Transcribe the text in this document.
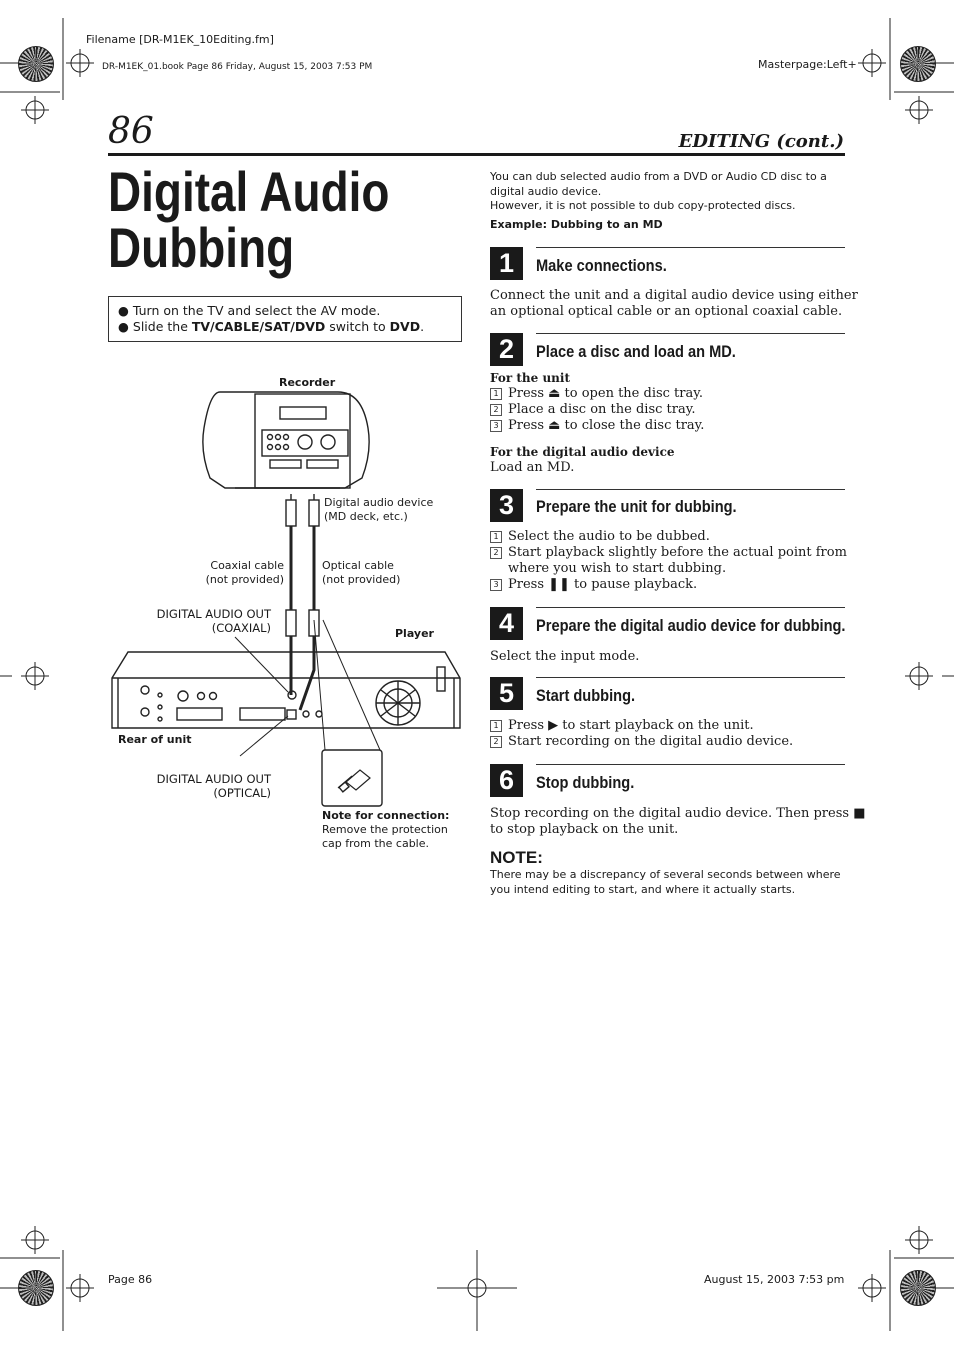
Filename [DR-M1EK_10Editing.fm]
DR-M1EK_01.book Page 86 Friday, August 15, 2003 7:53 PM	Masterpage:Left+
86	EDITING (cont.)
Digital Audio
Dubbing
● Turn on the TV and select the AV mode.
● Slide the TV/CABLE/SAT/DVD switch to DVD.
Recorder
Digital audio device
(MD deck, etc.)
Coaxial cable
(not provided)
Optical cable
(not provided)
DIGITAL AUDIO OUT
(COAXIAL)	Player
Rear of unit
DIGITAL AUDIO OUT
(OPTICAL)
Note for connection:
Remove the protection
cap from the cable.
You can dub selected audio from a DVD or Audio CD disc to a
digital audio device.
However, it is not possible to dub copy-protected discs.
Example: Dubbing to an MD
1	Make connections.
Connect the unit and a digital audio device using either
an optional optical cable or an optional coaxial cable.
2	Place a disc and load an MD.
For the unit
1 Press ⏏ to open the disc tray.
2 Place a disc on the disc tray.
3 Press ⏏ to close the disc tray.
For the digital audio device
Load an MD.
3	Prepare the unit for dubbing.
1 Select the audio to be dubbed.
2 Start playback slightly before the actual point from
where you wish to start dubbing.
3 Press ❚❚ to pause playback.
4	Prepare the digital audio device for dubbing.
Select the input mode.
5	Start dubbing.
1 Press ▶ to start playback on the unit.
2 Start recording on the digital audio device.
6	Stop dubbing.
Stop recording on the digital audio device. Then press ■
to stop playback on the unit.
NOTE:
There may be a discrepancy of several seconds between where
you intend editing to start, and where it actually starts.
Page 86	August 15, 2003 7:53 pm
